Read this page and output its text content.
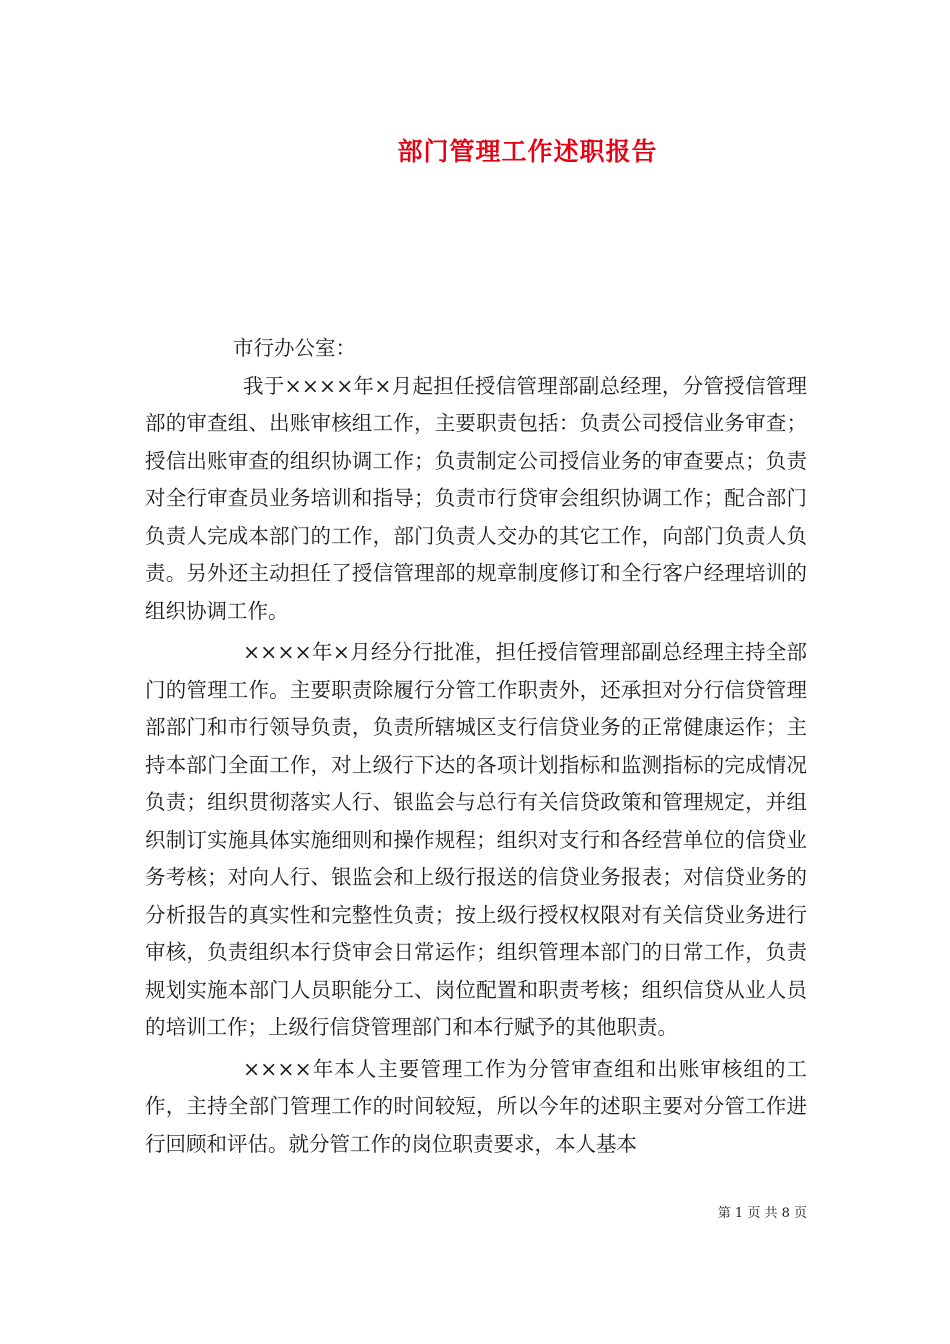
部门管理工作述职报告

市行办公室：

我于××××年×月起担任授信管理部副总经理，分管授信管理部的审查组、出账审核组工作，主要职责包括：负责公司授信业务审查；授信出账审查的组织协调工作；负责制定公司授信业务的审查要点；负责对全行审查员业务培训和指导；负责市行贷审会组织协调工作；配合部门负责人完成本部门的工作，部门负责人交办的其它工作，向部门负责人负责。另外还主动担任了授信管理部的规章制度修订和全行客户经理培训的组织协调工作。

××××年×月经分行批准，担任授信管理部副总经理主持全部门的管理工作。主要职责除履行分管工作职责外，还承担对分行信贷管理部部门和市行领导负责，负责所辖城区支行信贷业务的正常健康运作；主持本部门全面工作，对上级行下达的各项计划指标和监测指标的完成情况负责；组织贯彻落实人行、银监会与总行有关信贷政策和管理规定，并组织制订实施具体实施细则和操作规程；组织对支行和各经营单位的信贷业务考核；对向人行、银监会和上级行报送的信贷业务报表；对信贷业务的分析报告的真实性和完整性负责；按上级行授权权限对有关信贷业务进行审核，负责组织本行贷审会日常运作；组织管理本部门的日常工作，负责规划实施本部门人员职能分工、岗位配置和职责考核；组织信贷从业人员的培训工作；上级行信贷管理部门和本行赋予的其他职责。

××××年本人主要管理工作为分管审查组和出账审核组的工作，主持全部门管理工作的时间较短，所以今年的述职主要对分管工作进行回顾和评估。就分管工作的岗位职责要求，本人基本

第 1 页 共 8 页
